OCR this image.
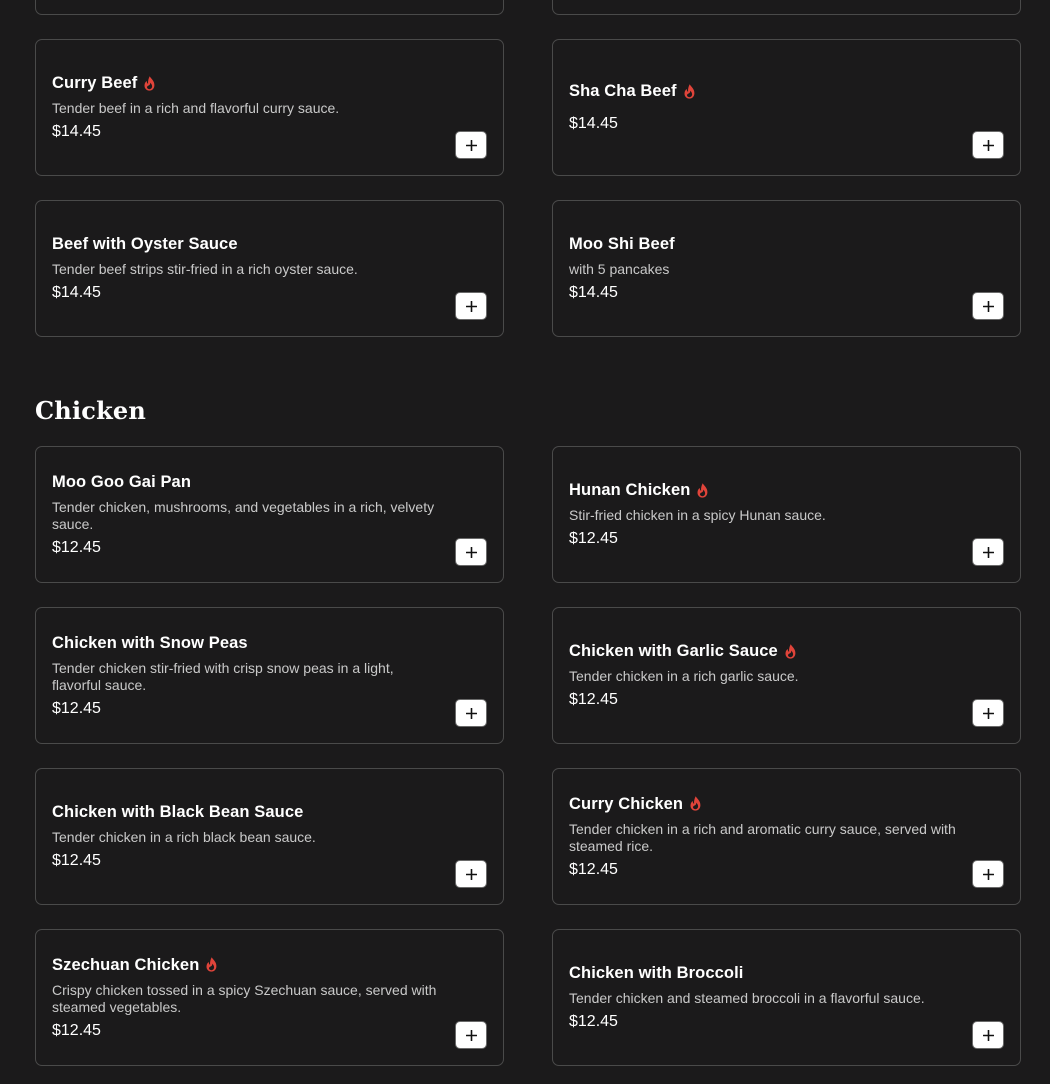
Curry Beef
Tender beef in a rich and flavorful curry sauce.
$14.45
Sha Cha Beef
$14.45
Beef with Oyster Sauce
Tender beef strips stir-fried in a rich oyster sauce.
$14.45
Moo Shi Beef
with 5 pancakes
$14.45
Chicken
Moo Goo Gai Pan
Tender chicken, mushrooms, and vegetables in a rich, velvety sauce.
$12.45
Hunan Chicken
Stir-fried chicken in a spicy Hunan sauce.
$12.45
Chicken with Snow Peas
Tender chicken stir-fried with crisp snow peas in a light, flavorful sauce.
$12.45
Chicken with Garlic Sauce
Tender chicken in a rich garlic sauce.
$12.45
Chicken with Black Bean Sauce
Tender chicken in a rich black bean sauce.
$12.45
Curry Chicken
Tender chicken in a rich and aromatic curry sauce, served with steamed rice.
$12.45
Szechuan Chicken
Crispy chicken tossed in a spicy Szechuan sauce, served with steamed vegetables.
$12.45
Chicken with Broccoli
Tender chicken and steamed broccoli in a flavorful sauce.
$12.45
